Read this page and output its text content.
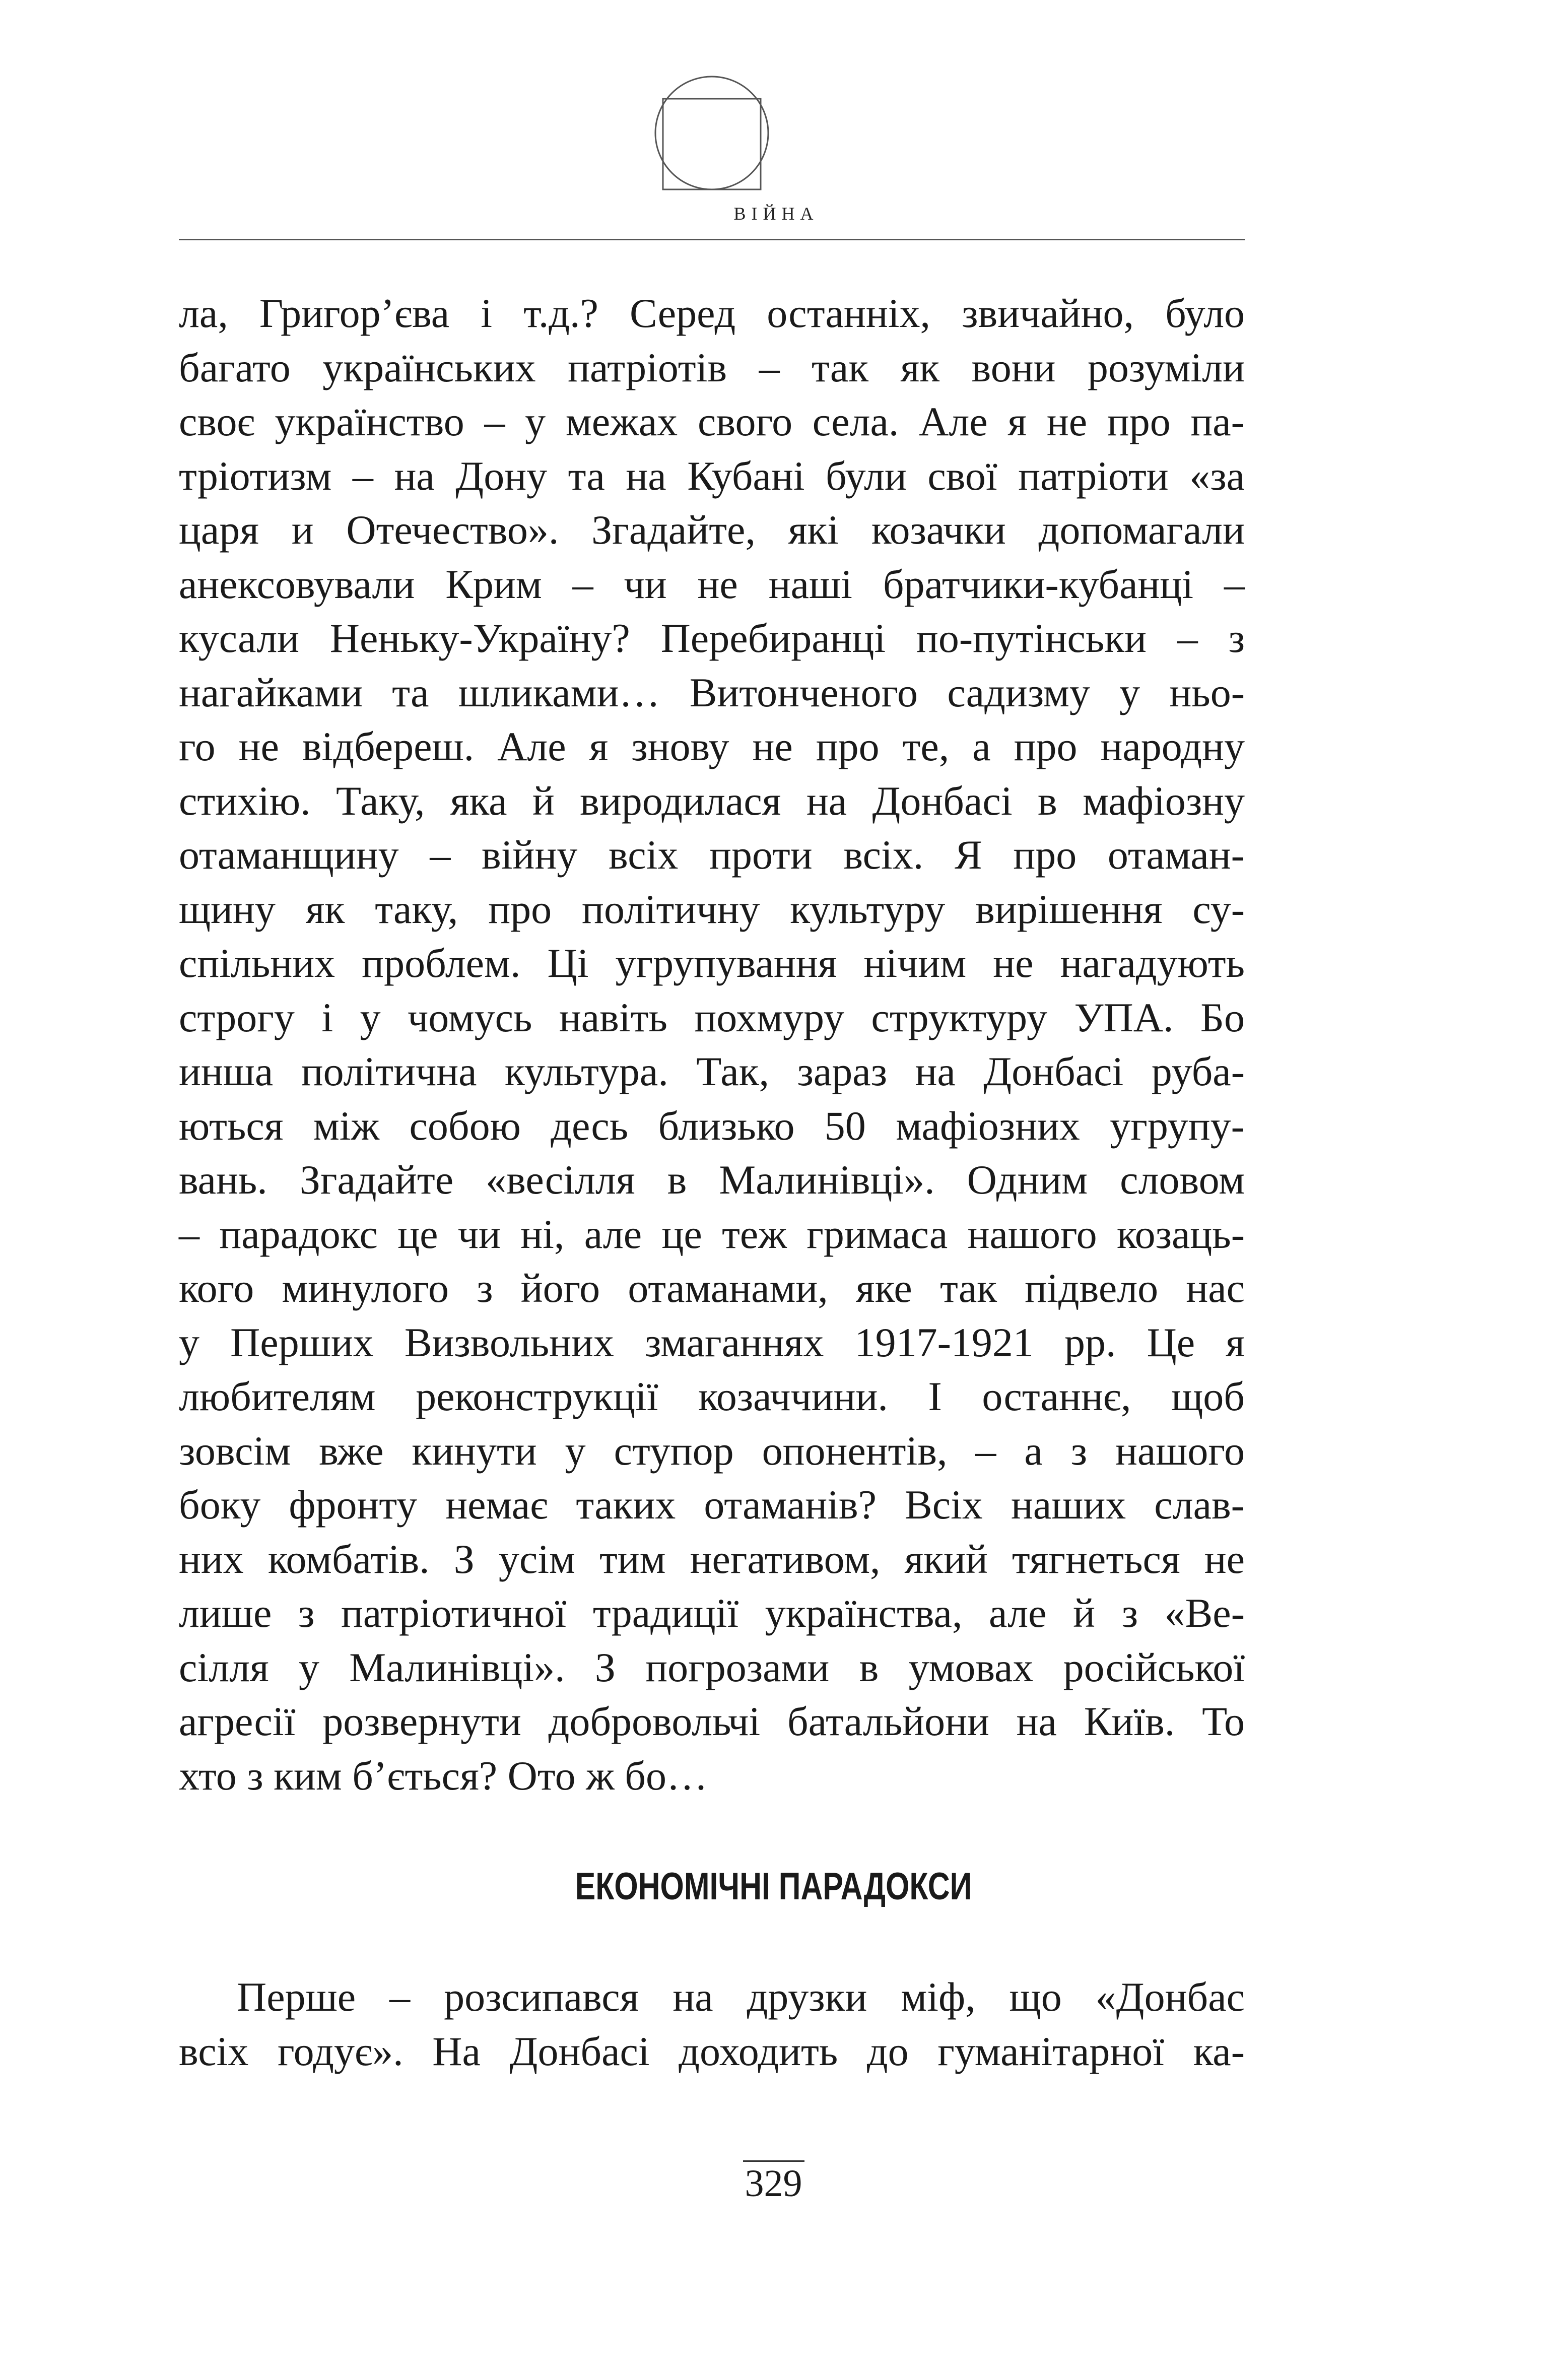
ВІЙНА
ла, Григор’єва і т.д.? Серед останніх, звичайно, було
багато українських патріотів – так як вони розуміли
своє українство – у межах свого села. Але я не про па-
тріотизм – на Дону та на Кубані були свої патріоти «за
царя и Отечество». Згадайте, які козачки допомагали
анексовували Крим – чи не наші братчики-кубанці –
кусали Неньку-Україну? Перебиранці по-путінськи – з
нагайками та шликами… Витонченого садизму у ньо-
го не відбереш. Але я знову не про те, а про народну
стихію. Таку, яка й виродилася на Донбасі в мафіозну
отаманщину – війну всіх проти всіх. Я про отаман-
щину як таку, про політичну культуру вирішення су-
спільних проблем. Ці угрупування нічим не нагадують
строгу і у чомусь навіть похмуру структуру УПА. Бо
инша політична культура. Так, зараз на Донбасі руба-
ються між собою десь близько 50 мафіозних угрупу-
вань. Згадайте «весілля в Малинівці». Одним словом
– парадокс це чи ні, але це теж гримаса нашого козаць-
кого минулого з його отаманами, яке так підвело нас
у Перших Визвольних змаганнях 1917-1921 рр. Це я
любителям реконструкції козаччини. І останнє, щоб
зовсім вже кинути у ступор опонентів, – а з нашого
боку фронту немає таких отаманів? Всіх наших слав-
них комбатів. З усім тим негативом, який тягнеться не
лише з патріотичної традиції українства, але й з «Ве-
сілля у Малинівці». З погрозами в умовах російської
агресії розвернути добровольчі батальйони на Київ. То
хто з ким б’ється? Ото ж бо…
ЕКОНОМІЧНІ ПАРАДОКСИ
Перше – розсипався на друзки міф, що «Донбас
всіх годує». На Донбасі доходить до гуманітарної ка-
329
